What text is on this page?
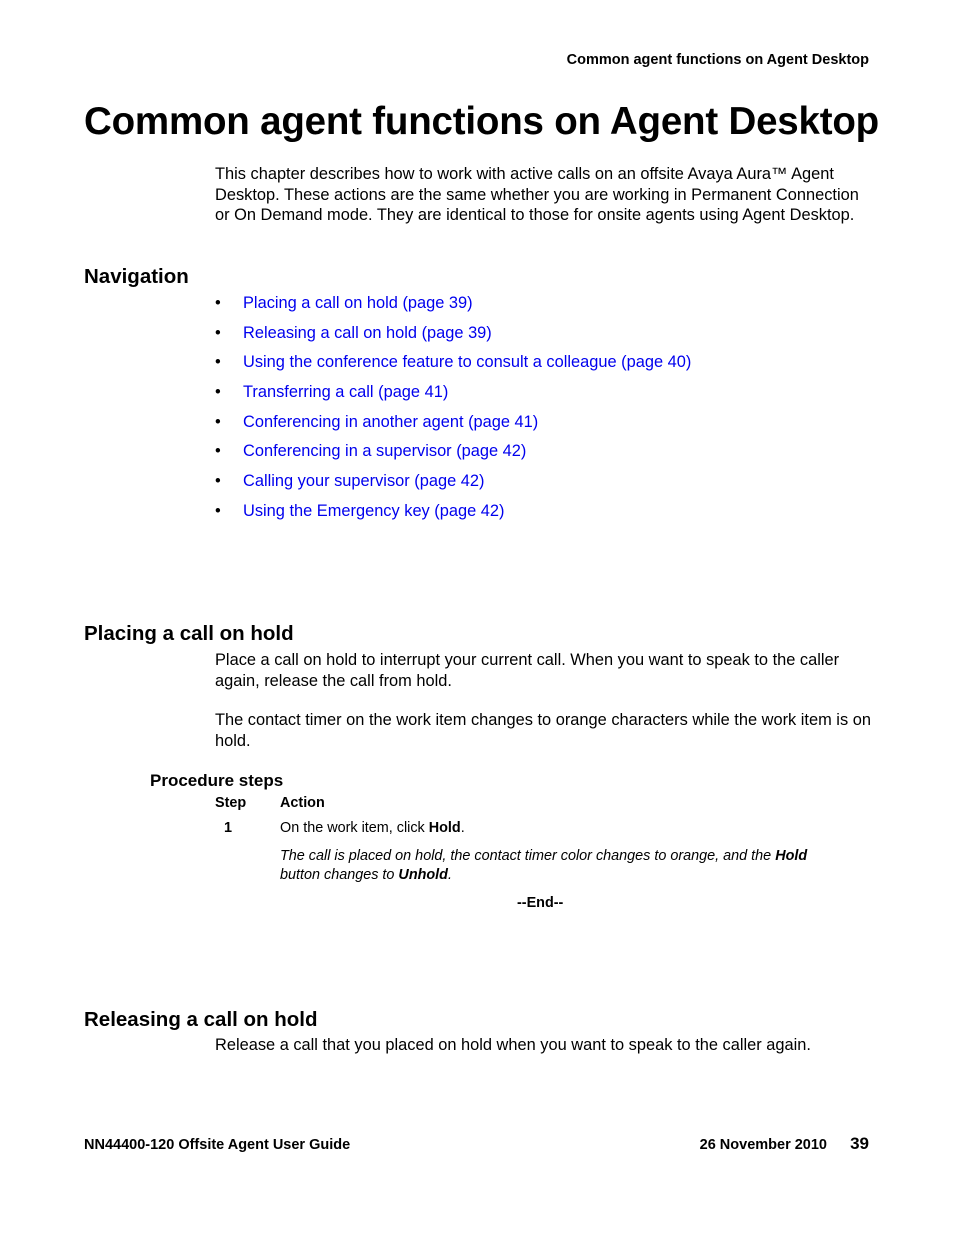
Common agent functions on Agent Desktop
Common agent functions on Agent Desktop

This chapter describes how to work with active calls on an offsite Avaya Aura™ Agent Desktop. These actions are the same whether you are working in Permanent Connection or On Demand mode. They are identical to those for onsite agents using Agent Desktop.

Navigation
• Placing a call on hold (page 39)
• Releasing a call on hold (page 39)
• Using the conference feature to consult a colleague (page 40)
• Transferring a call (page 41)
• Conferencing in another agent (page 41)
• Conferencing in a supervisor (page 42)
• Calling your supervisor (page 42)
• Using the Emergency key (page 42)
Placing a call on hold

Place a call on hold to interrupt your current call. When you want to speak to the caller again, release the call from hold.

The contact timer on the work item changes to orange characters while the work item is on hold.

Procedure steps
Step Action
1	On the work item, click Hold.
The call is placed on hold, the contact timer color changes to orange, and the Hold
button changes to Unhold.
--End--
Releasing a call on hold

Release a call that you placed on hold when you want to speak to the caller again.

NN44400-120 Offsite Agent User Guide	26 November 2010 39
